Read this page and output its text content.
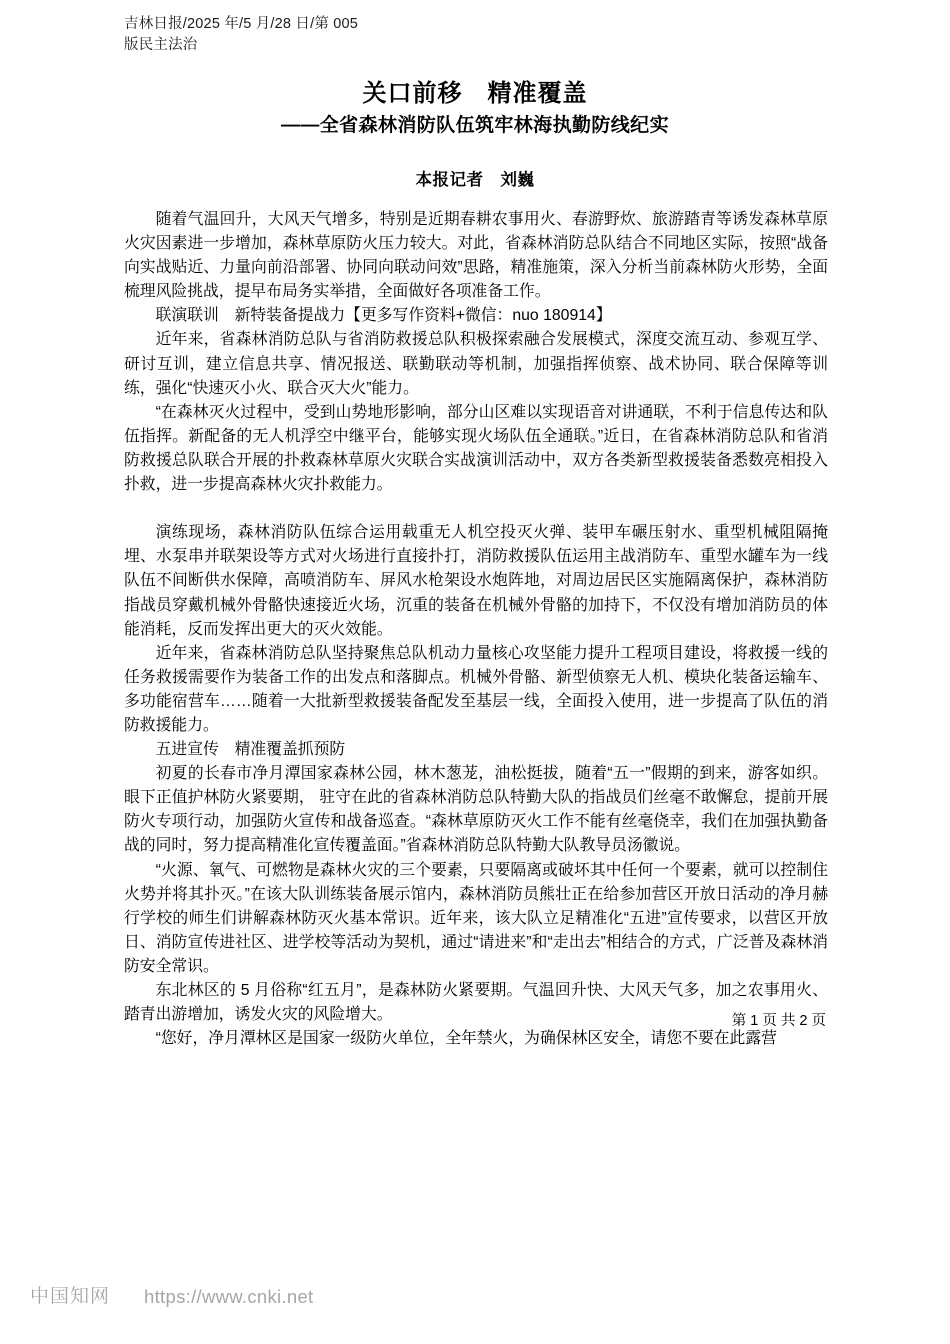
吉林日报/2025 年/5 月/28 日/第 005
版民主法治
关口前移　精准覆盖
——全省森林消防队伍筑牢林海执勤防线纪实
本报记者　刘巍

随着气温回升，大风天气增多，特别是近期春耕农事用火、春游野炊、旅游踏青等诱发森林草原火灾因素进一步增加，森林草原防火压力较大。对此，省森林消防总队结合不同地区实际，按照“战备向实战贴近、力量向前沿部署、协同向联动问效”思路，精准施策，深入分析当前森林防火形势，全面梳理风险挑战，提早布局务实举措，全面做好各项准备工作。

联演联训　新特装备提战力【更多写作资料+微信：nuo 180914】

近年来，省森林消防总队与省消防救援总队积极探索融合发展模式，深度交流互动、参观互学、研讨互训，建立信息共享、情况报送、联勤联动等机制，加强指挥侦察、战术协同、联合保障等训练，强化“快速灭小火、联合灭大火”能力。

“在森林灭火过程中，受到山势地形影响，部分山区难以实现语音对讲通联，不利于信息传达和队伍指挥。新配备的无人机浮空中继平台，能够实现火场队伍全通联。”近日，在省森林消防总队和省消防救援总队联合开展的扑救森林草原火灾联合实战演训活动中，双方各类新型救援装备悉数亮相投入扑救，进一步提高森林火灾扑救能力。

演练现场，森林消防队伍综合运用载重无人机空投灭火弹、装甲车碾压射水、重型机械阻隔掩埋、水泵串并联架设等方式对火场进行直接扑打，消防救援队伍运用主战消防车、重型水罐车为一线队伍不间断供水保障，高喷消防车、屏风水枪架设水炮阵地，对周边居民区实施隔离保护，森林消防指战员穿戴机械外骨骼快速接近火场，沉重的装备在机械外骨骼的加持下，不仅没有增加消防员的体能消耗，反而发挥出更大的灭火效能。

近年来，省森林消防总队坚持聚焦总队机动力量核心攻坚能力提升工程项目建设，将救援一线的任务救援需要作为装备工作的出发点和落脚点。机械外骨骼、新型侦察无人机、模块化装备运输车、多功能宿营车……随着一大批新型救援装备配发至基层一线，全面投入使用，进一步提高了队伍的消防救援能力。

五进宣传　精准覆盖抓预防

初夏的长春市净月潭国家森林公园，林木葱茏，油松挺拔，随着“五一”假期的到来，游客如织。 眼下正值护林防火紧要期， 驻守在此的省森林消防总队特勤大队的指战员们丝毫不敢懈怠，提前开展防火专项行动，加强防火宣传和战备巡查。“森林草原防灭火工作不能有丝毫侥幸，我们在加强执勤备战的同时，努力提高精准化宣传覆盖面。”省森林消防总队特勤大队教导员汤徽说。

“火源、氧气、可燃物是森林火灾的三个要素，只要隔离或破坏其中任何一个要素，就可以控制住火势并将其扑灭。”在该大队训练装备展示馆内，森林消防员熊壮正在给参加营区开放日活动的净月赫行学校的师生们讲解森林防灭火基本常识。近年来，该大队立足精准化“五进”宣传要求，以营区开放日、消防宣传进社区、进学校等活动为契机，通过“请进来”和“走出去”相结合的方式，广泛普及森林消防安全常识。

东北林区的 5 月俗称“红五月”，是森林防火紧要期。气温回升快、大风天气多，加之农事用火、踏青出游增加，诱发火灾的风险增大。

“您好，净月潭林区是国家一级防火单位，全年禁火，为确保林区安全，请您不要在此露营

第 1 页 共 2 页
中国知网 https://www.cnki.net
